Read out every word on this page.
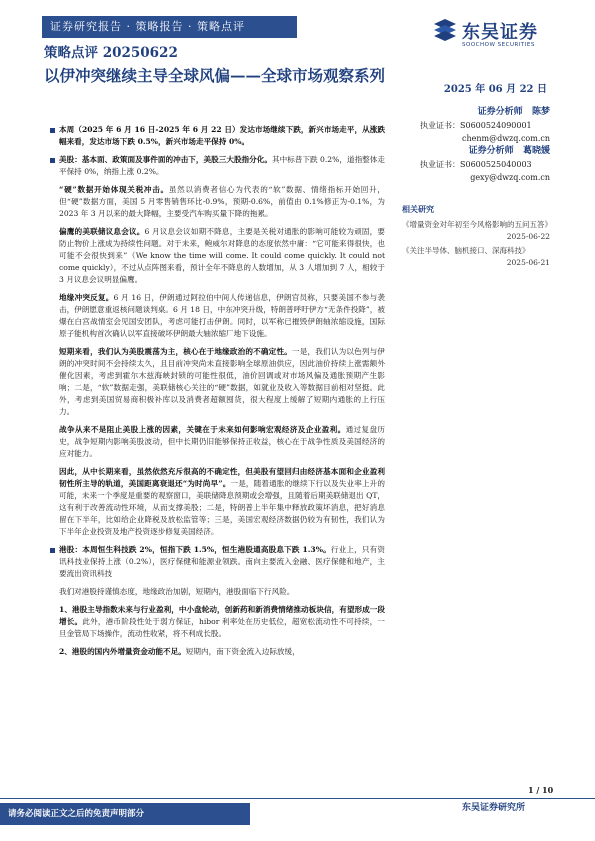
证券研究报告 · 策略报告 · 策略点评	东吴证券
SOOCHOW SECURITIES
策略点评 20250622
以伊冲突继续主导全球风偏——全球市场观察系列
2025 年 06 月 22 日
证券分析师 陈梦
执业证书：S0600524090001
chenm@dwzq.com.cn
证券分析师 葛晓媛
执业证书：S0600525040003
gexy@dwzq.com.cn
相关研究
《增量资金对年初至今风格影响的五问五答》
2025-06-22
《关注半导体、脑机接口、深海科技》
2025-06-21
本周（2025 年 6 月 16 日-2025 年 6 月 22 日）发达市场继续下跌，新兴市场走平，从涨跌幅来看，发达市场下跌 0.5%，新兴市场走平保持 0%。
美股：基本面、政策面及事件面的冲击下，美股三大股指分化。其中标普下跌 0.2%，道指整体走平保持 0%，纳指上涨 0.2%。
“硬”数据开始体现关税冲击。虽然以消费者信心为代表的“软”数据、情绪指标开始回升，但“硬”数据方面，美国 5 月零售销售环比-0.9%，预期-0.6%，前值由 0.1%修正为-0.1%，为 2023 年 3 月以来的最大降幅，主要受汽车购买量下降的拖累。
偏鹰的美联储议息会议。6 月议息会议如期不降息，主要是关税对通胀的影响可能较为顽固，要防止物价上涨成为持续性问题。对于未来，鲍威尔对降息的态度依然中庸：“它可能来得很快，也可能不会很快到来”（We know the time will come. It could come quickly. It could not come quickly），不过从点阵图来看，预计全年不降息的人数增加，从 3 人增加到 7 人，相较于 3 月议息会议明显偏鹰。
地缘冲突反复。6 月 16 日，伊朗通过阿拉伯中间人传递信息，伊朗官员称，只要美国不参与袭击，伊朗愿意重返核问题谈判桌。6 月 18 日，中东冲突升级，特朗普呼吁伊方“无条件投降”，被爆在白宫战情室会见国安团队，考虑可能打击伊朗。同时，以军称已摧毁伊朗轴浓缩设施，国际原子能机构首次确认以军直接破坏伊朗最大轴浓缩厂地下设施。
短期来看，我们认为美股震荡为主，核心在于地缘政治的不确定性。一是，我们认为以色列与伊朗的冲突时间不会持续太久，且目前冲突尚未直接影响全球原油供应，因此油价持续上涨需额外催化因素，考虑到霍尔木兹海峡封锁的可能性很低，油价回调或对市场风偏及通胀预期产生影响；二是，“软”数据走强，美联储核心关注的“硬”数据，如就业及收入等数据目前相对坚挺。此外，考虑到美国贸易商积极补库以及消费者超额囤货，很大程度上缓解了短期内通胀的上行压力。
战争从来不是阻止美股上涨的因素，关键在于未来如何影响宏观经济及企业盈利。通过复盘历史，战争短期内影响美股波动，但中长期仍旧能够保持正收益，核心在于战争性质及美国经济的应对能力。
因此，从中长期来看，虽然依然充斥很高的不确定性，但美股有望回归由经济基本面和企业盈利韧性所主导的轨道，美国距离衰退还“为时尚早”。一是，随着通胀的继续下行以及失业率上升的可能，未来一个季度是重要的观察窗口，美联储降息预期或会增强，且随着后期美联储退出 QT，这有利于改善流动性环境，从而支撑美股；二是，特朗普上半年集中释放政策坏消息，把好消息留在下半年，比如给企业降税及放松监管等；三是，美国宏观经济数据仍较为有韧性，我们认为下半年企业投资及地产投资逐步修复美国经济。
港股：本周恒生科技跌 2%，恒指下跌 1.5%，恒生港股通高股息下跌 1.3%。行业上，只有资讯科技业保持上涨（0.2%），医疗保健和能源业领跌。南向主要流入金融、医疗保健和地产，主要流出资讯科技
我们对港股持谨慎态度，地缘政治加剧，短期内，港股面临下行风险。
1、港股主导指数未来与行业盈利，中小盘轮动，创新药和新消费情绪推动板块信，有望形成一段增长。此外，港币阶段性处于弱方保证，hibor 利率处在历史低位，超宽松流动性不可持续，一旦金管局下场操作，流动性收紧，将不利成长股。
2、港股的国内外增量资金动能不足。短期内，南下资金流入边际放缓，
1 / 10
请务必阅读正文之后的免责声明部分
东吴证券研究所
